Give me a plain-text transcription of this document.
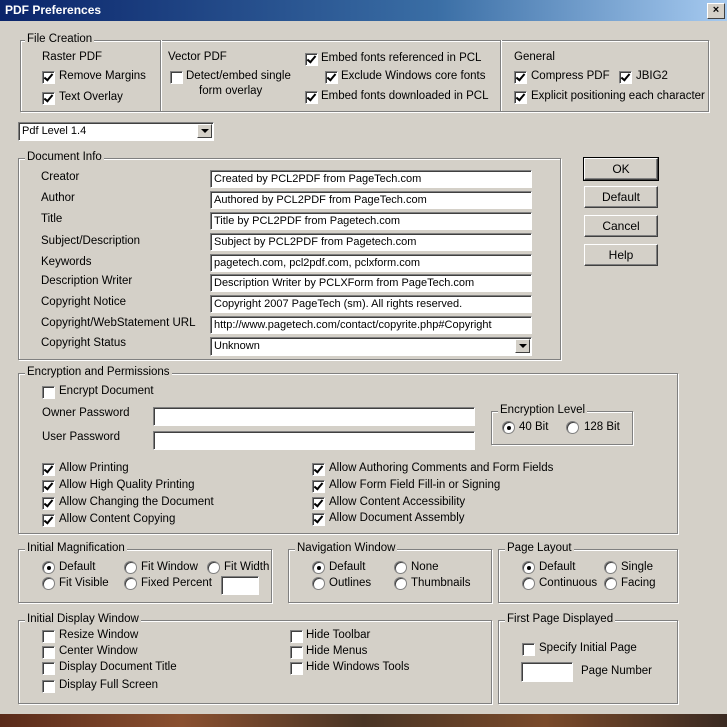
PDF Preferences	×
File Creation
Raster PDF
Remove Margins
Text Overlay
Vector PDF
Detect/embed single
form overlay
Embed fonts referenced in PCL
Exclude Windows core fonts
Embed fonts downloaded in PCL
General
Compress PDF JBIG2
Explicit positioning each character
Pdf Level 1.4
Document Info
Creator	Created by PCL2PDF from PageTech.com
Author	Authored by PCL2PDF from PageTech.com
Title	Title by PCL2PDF from Pagetech.com
Subject/Description	Subject by PCL2PDF from Pagetech.com
Keywords	pagetech.com, pcl2pdf.com, pclxform.com
Description Writer	Description Writer by PCLXForm from PageTech.com
Copyright Notice	Copyright 2007 PageTech (sm). All rights reserved.
Copyright/WebStatement URL	http://www.pagetech.com/contact/copyrite.php#Copyright
Copyright Status	Unknown
OK
Default
Cancel
Help
Encryption and Permissions
Encrypt Document
Owner Password
User Password
Encryption Level
40 Bit	128 Bit
Allow Printing
Allow High Quality Printing
Allow Changing the Document
Allow Content Copying
Allow Authoring Comments and Form Fields
Allow Form Field Fill-in or Signing
Allow Content Accessibility
Allow Document Assembly
Initial Magnification
Default	Fit Window Fit Width
Fit Visible	Fixed Percent
Navigation Window
Default	None
Outlines	Thumbnails
Page Layout
Default	Single
Continuous Facing
Initial Display Window
Resize Window
Center Window
Display Document Title
Display Full Screen
Hide Toolbar
Hide Menus
Hide Windows Tools
First Page Displayed
Specify Initial Page
Page Number
